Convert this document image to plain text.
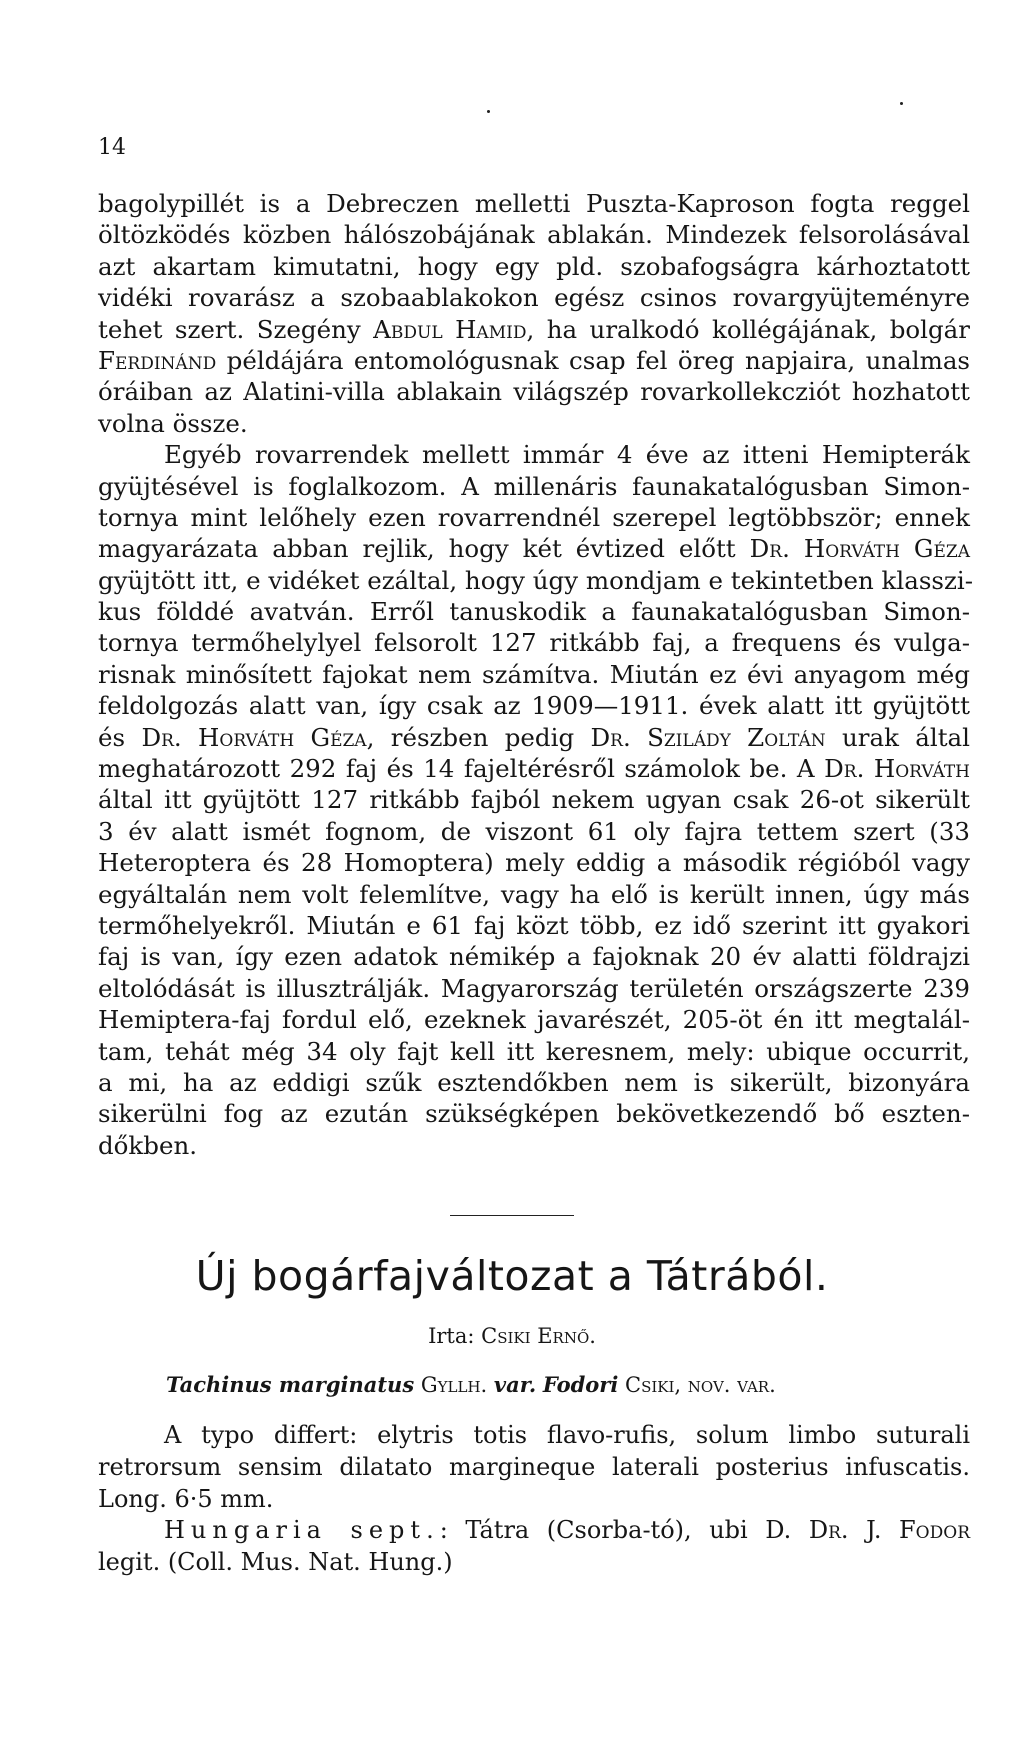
14

bagolypillét is a Debreczen melletti Puszta-Kaproson fogta reggel
öltözködés közben hálószobájának ablakán. Mindezek felsorolásával
azt akartam kimutatni, hogy egy pld. szobafogságra kárhoztatott
vidéki rovarász a szobaablakokon egész csinos rovargyüjteményre
tehet szert. Szegény Abdul Hamid, ha uralkodó kollégájának, bolgár
Ferdinánd példájára entomológusnak csap fel öreg napjaira, unalmas
óráiban az Alatini-villa ablakain világszép rovarkollekcziót hozhatott
volna össze.
Egyéb rovarrendek mellett immár 4 éve az itteni Hemipterák
gyüjtésével is foglalkozom. A millenáris faunakatalógusban Simon-
tornya mint lelőhely ezen rovarrendnél szerepel legtöbbször; ennek
magyarázata abban rejlik, hogy két évtized előtt Dr. Horváth Géza
gyüjtött itt, e vidéket ezáltal, hogy úgy mondjam e tekintetben klasszi-
kus földdé avatván. Erről tanuskodik a faunakatalógusban Simon-
tornya termőhelylyel felsorolt 127 ritkább faj, a frequens és vulga-
risnak minősített fajokat nem számítva. Miután ez évi anyagom még
feldolgozás alatt van, így csak az 1909—1911. évek alatt itt gyüjtött
és Dr. Horváth Géza, részben pedig Dr. Szilády Zoltán urak által
meghatározott 292 faj és 14 fajeltérésről számolok be. A Dr. Horváth
által itt gyüjtött 127 ritkább fajból nekem ugyan csak 26-ot sikerült
3 év alatt ismét fognom, de viszont 61 oly fajra tettem szert (33
Heteroptera és 28 Homoptera) mely eddig a második régióból vagy
egyáltalán nem volt felemlítve, vagy ha elő is került innen, úgy más
termőhelyekről. Miután e 61 faj közt több, ez idő szerint itt gyakori
faj is van, így ezen adatok némikép a fajoknak 20 év alatti földrajzi
eltolódását is illusztrálják. Magyarország területén országszerte 239
Hemiptera-faj fordul elő, ezeknek javarészét, 205-öt én itt megtalál-
tam, tehát még 34 oly fajt kell itt keresnem, mely: ubique occurrit,
a mi, ha az eddigi szűk esztendőkben nem is sikerült, bizonyára
sikerülni fog az ezután szükségképen bekövetkezendő bő eszten-
dőkben.
Új bogárfajváltozat a Tátrából.
Irta: Csiki Ernő.
Tachinus marginatus Gyllh. var. Fodori Csiki, nov. var.
A typo differt: elytris totis flavo-rufis, solum limbo suturali
retrorsum sensim dilatato margineque laterali posterius infuscatis.
Long. 6·5 mm.
Hungaria sept.: Tátra (Csorba-tó), ubi D. Dr. J. Fodor
legit. (Coll. Mus. Nat. Hung.)
